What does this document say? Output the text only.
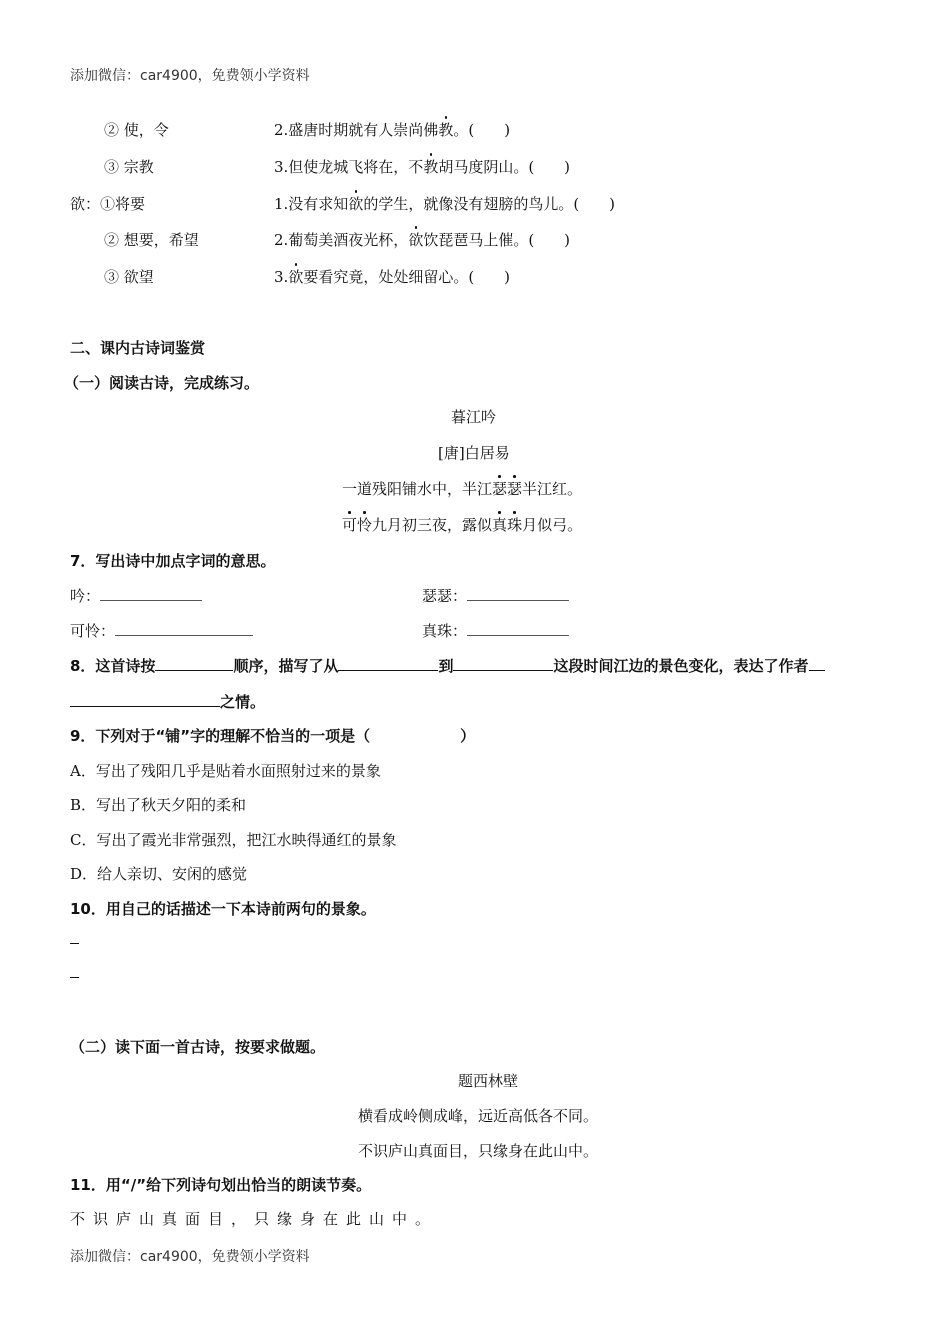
添加微信：car4900，免费领小学资料
② 使，令	2.盛唐时期就有人崇尚佛教。(　　)
③ 宗教	3.但使龙城飞将在，不教胡马度阴山。(　　)
欲：①将要	1.没有求知欲的学生，就像没有翅膀的鸟儿。(　　)
② 想要，希望	2.葡萄美酒夜光杯，欲饮琵琶马上催。(　　)
③ 欲望	3.欲要看究竟，处处细留心。(　　)
二、课内古诗词鉴赏
（一）阅读古诗，完成练习。
暮江吟
[唐]白居易
一道残阳铺水中，半江瑟瑟半江红。
可怜九月初三夜，露似真珠月似弓。
7．写出诗中加点字词的意思。
吟：	瑟瑟：
可怜：	真珠：
8．这首诗按	顺序，描写了从	到	这段时间江边的景色变化，表达了作者
之情。
9．下列对于“铺”字的理解不恰当的一项是（　　　　　　）
A．写出了残阳几乎是贴着水面照射过来的景象
B．写出了秋天夕阳的柔和
C．写出了霞光非常强烈，把江水映得通红的景象
D．给人亲切、安闲的感觉
10．用自己的话描述一下本诗前两句的景象。
（二）读下面一首古诗，按要求做题。
题西林壁
横看成岭侧成峰，远近高低各不同。
不识庐山真面目，只缘身在此山中。
11．用“/”给下列诗句划出恰当的朗读节奏。
不识庐山真面目，只缘身在此山中。
添加微信：car4900，免费领小学资料
